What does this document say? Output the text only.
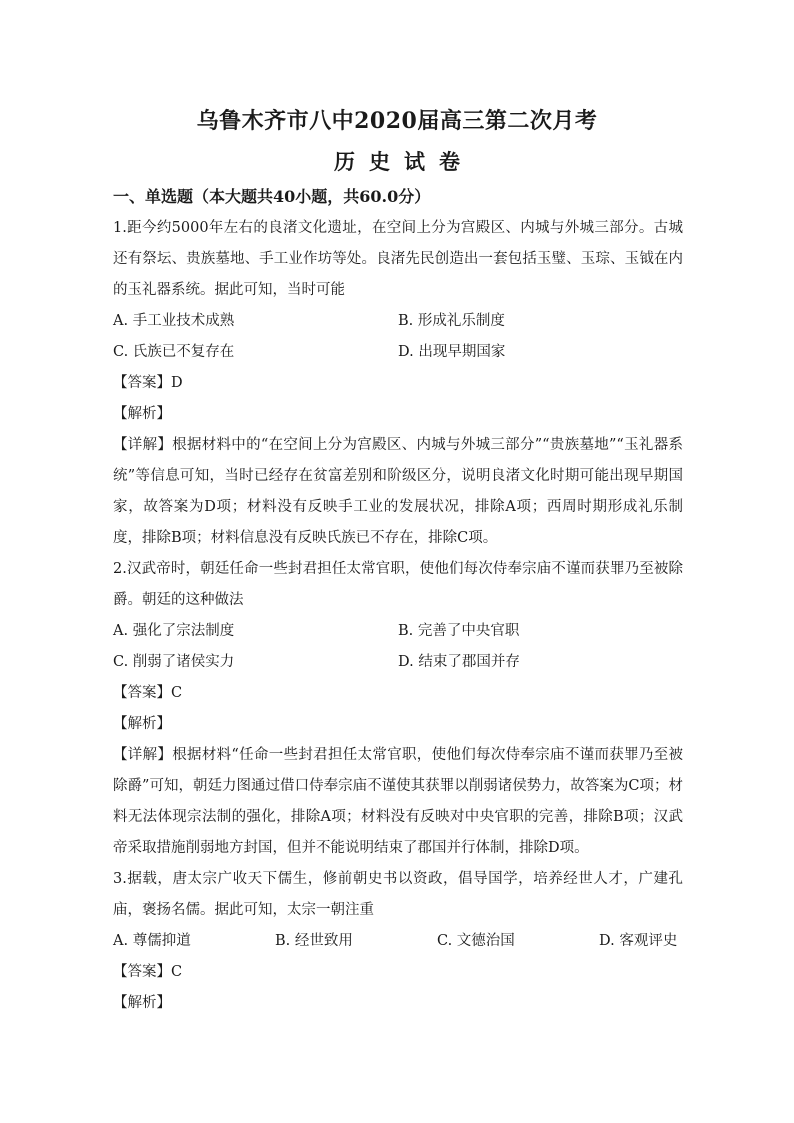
乌鲁木齐市八中2020届高三第二次月考
历史试卷
一、单选题（本大题共40小题，共60.0分）

1.距今约5000年左右的良渚文化遗址，在空间上分为宫殿区、内城与外城三部分。古城还有祭坛、贵族墓地、手工业作坊等处。良渚先民创造出一套包括玉璧、玉琮、玉钺在内的玉礼器系统。据此可知，当时可能

A. 手工业技术成熟	B. 形成礼乐制度
C. 氏族已不复存在	D. 出现早期国家

【答案】D

【解析】

【详解】根据材料中的“在空间上分为宫殿区、内城与外城三部分”“贵族墓地”“玉礼器系统”等信息可知，当时已经存在贫富差别和阶级区分，说明良渚文化时期可能出现早期国家，故答案为D项；材料没有反映手工业的发展状况，排除A项；西周时期形成礼乐制度，排除B项；材料信息没有反映氏族已不存在，排除C项。

2.汉武帝时，朝廷任命一些封君担任太常官职，使他们每次侍奉宗庙不谨而获罪乃至被除爵。朝廷的这种做法

A. 强化了宗法制度	B. 完善了中央官职
C. 削弱了诸侯实力	D. 结束了郡国并存

【答案】C

【解析】

【详解】根据材料“任命一些封君担任太常官职，使他们每次侍奉宗庙不谨而获罪乃至被除爵”可知，朝廷力图通过借口侍奉宗庙不谨使其获罪以削弱诸侯势力，故答案为C项；材料无法体现宗法制的强化，排除A项；材料没有反映对中央官职的完善，排除B项；汉武帝采取措施削弱地方封国，但并不能说明结束了郡国并行体制，排除D项。

3.据载，唐太宗广收天下儒生，修前朝史书以资政，倡导国学，培养经世人才，广建孔庙，褒扬名儒。据此可知，太宗一朝注重

A. 尊儒抑道	B. 经世致用	C. 文德治国	D. 客观评史

【答案】C

【解析】
